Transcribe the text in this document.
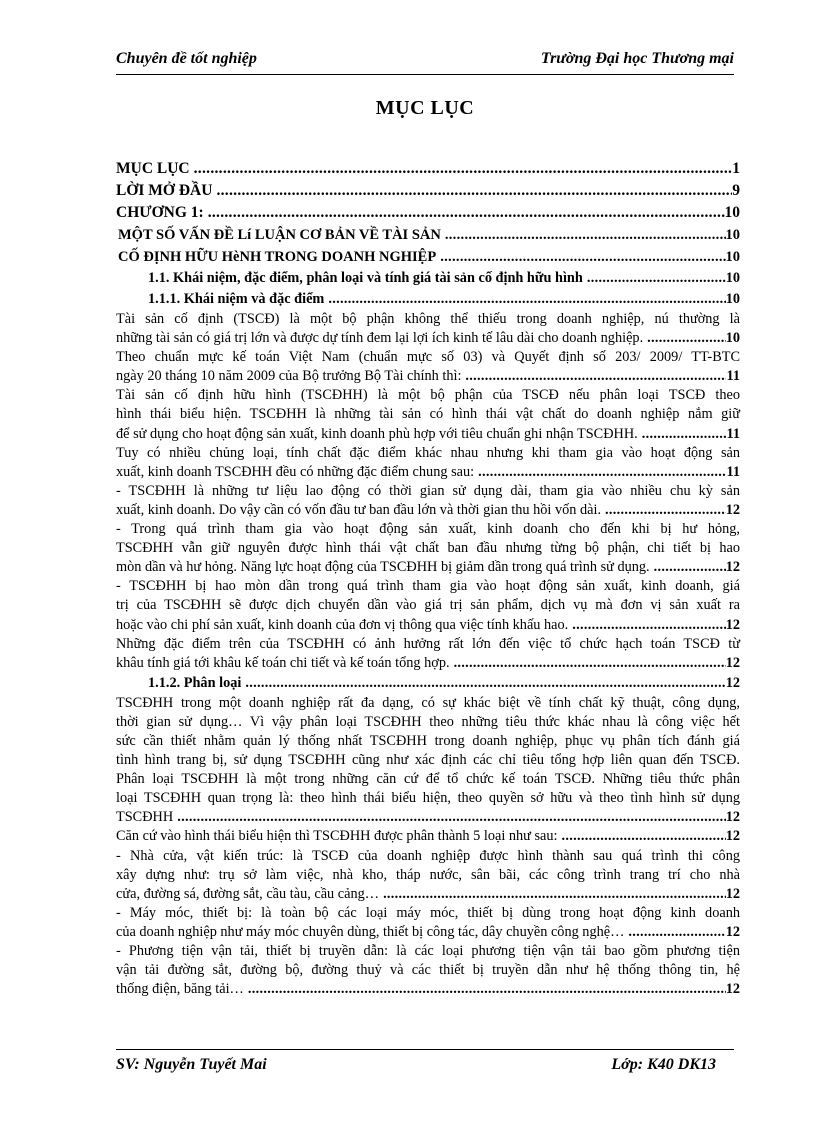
Chuyên đề tốt nghiệp	Trường Đại học Thương mại
MỤC LỤC
MỤC LỤC .....	1
LỜI MỞ ĐẦU .....	9
CHƯƠNG 1: .....	10
MỘT SỐ VẤN ĐỀ Lí LUẬN CƠ BẢN VỀ TÀI SẢN .....	10
CỐ ĐỊNH HỮU HèNH TRONG DOANH NGHIỆP .....	10
1.1. Khái niệm, đặc điểm, phân loại và tính giá tài sản cố định hữu hình .....	10
1.1.1. Khái niệm và đặc điểm .....	10
Tài sản cố định (TSCĐ) là một bộ phận không thể thiếu trong doanh nghiệp, nú thường là
những tài sản có giá trị lớn và được dự tính đem lại lợi ích kinh tế lâu dài cho doanh nghiệp. .....	10
Theo chuẩn mực kế toán Việt Nam (chuẩn mực số 03) và Quyết định số 203/ 2009/ TT-BTC
ngày 20 tháng 10 năm 2009 của Bộ trưởng Bộ Tài chính thì: .....	11
Tài sản cố định hữu hình (TSCĐHH) là một bộ phận của TSCĐ nếu phân loại TSCĐ theo
hình thái biểu hiện. TSCĐHH là những tài sản có hình thái vật chất do doanh nghiệp nắm giữ
để sử dụng cho hoạt động sản xuất, kinh doanh phù hợp với tiêu chuẩn ghi nhận TSCĐHH. .....	11
Tuy có nhiều chủng loại, tính chất đặc điểm khác nhau nhưng khi tham gia vào hoạt động sản
xuất, kinh doanh TSCĐHH đều có những đặc điểm chung sau: .....	11
- TSCĐHH là những tư liệu lao động có thời gian sử dụng dài, tham gia vào nhiều chu kỳ sản
xuất, kinh doanh. Do vậy cần có vốn đầu tư ban đầu lớn và thời gian thu hồi vốn dài. .....	12
- Trong quá trình tham gia vào hoạt động sản xuất, kinh doanh cho đến khi bị hư hỏng,
TSCĐHH vẫn giữ nguyên được hình thái vật chất ban đầu nhưng từng bộ phận, chi tiết bị hao
mòn dần và hư hỏng. Năng lực hoạt động của TSCĐHH bị giảm dần trong quá trình sử dụng. .....	12
- TSCĐHH bị hao mòn dần trong quá trình tham gia vào hoạt động sản xuất, kinh doanh, giá
trị của TSCĐHH sẽ được dịch chuyển dần vào giá trị sản phẩm, dịch vụ mà đơn vị sản xuất ra
hoặc vào chi phí sản xuất, kinh doanh của đơn vị thông qua việc tính khấu hao. .....	12
Những đặc điểm trên của TSCĐHH có ảnh hưởng rất lớn đến việc tổ chức hạch toán TSCĐ từ
khâu tính giá tới khâu kế toán chi tiết và kế toán tổng hợp. .....	12
1.1.2. Phân loại .....	12
TSCĐHH trong một doanh nghiệp rất đa dạng, có sự khác biệt về tính chất kỹ thuật, công dụng,
thời gian sử dụng… Vì vậy phân loại TSCĐHH theo những tiêu thức khác nhau là công việc hết
sức cần thiết nhằm quản lý thống nhất TSCĐHH trong doanh nghiệp, phục vụ phân tích đánh giá
tình hình trang bị, sử dụng TSCĐHH cũng như xác định các chỉ tiêu tổng hợp liên quan đến TSCĐ.
Phân loại TSCĐHH là một trong những căn cứ để tổ chức kế toán TSCĐ. Những tiêu thức phân
loại TSCĐHH quan trọng là: theo hình thái biểu hiện, theo quyền sở hữu và theo tình hình sử dụng
TSCĐHH .....	12
Căn cứ vào hình thái biểu hiện thì TSCĐHH được phân thành 5 loại như sau: .....	12
- Nhà cửa, vật kiến trúc: là TSCĐ của doanh nghiệp được hình thành sau quá trình thi công
xây dựng như: trụ sở làm việc, nhà kho, tháp nước, sân bãi, các công trình trang trí cho nhà
cửa, đường sá, đường sắt, cầu tàu, cầu cảng… .....	12
- Máy móc, thiết bị: là toàn bộ các loại máy móc, thiết bị dùng trong hoạt động kinh doanh
của doanh nghiệp như máy móc chuyên dùng, thiết bị công tác, dây chuyền công nghệ… .....	12
- Phương tiện vận tải, thiết bị truyền dẫn: là các loại phương tiện vận tải bao gồm phương tiện
vận tải đường sắt, đường bộ, đường thuỷ và các thiết bị truyền dẫn như hệ thống thông tin, hệ
thống điện, băng tải… .....	12
SV: Nguyễn Tuyết Mai	Lớp: K40 DK13
